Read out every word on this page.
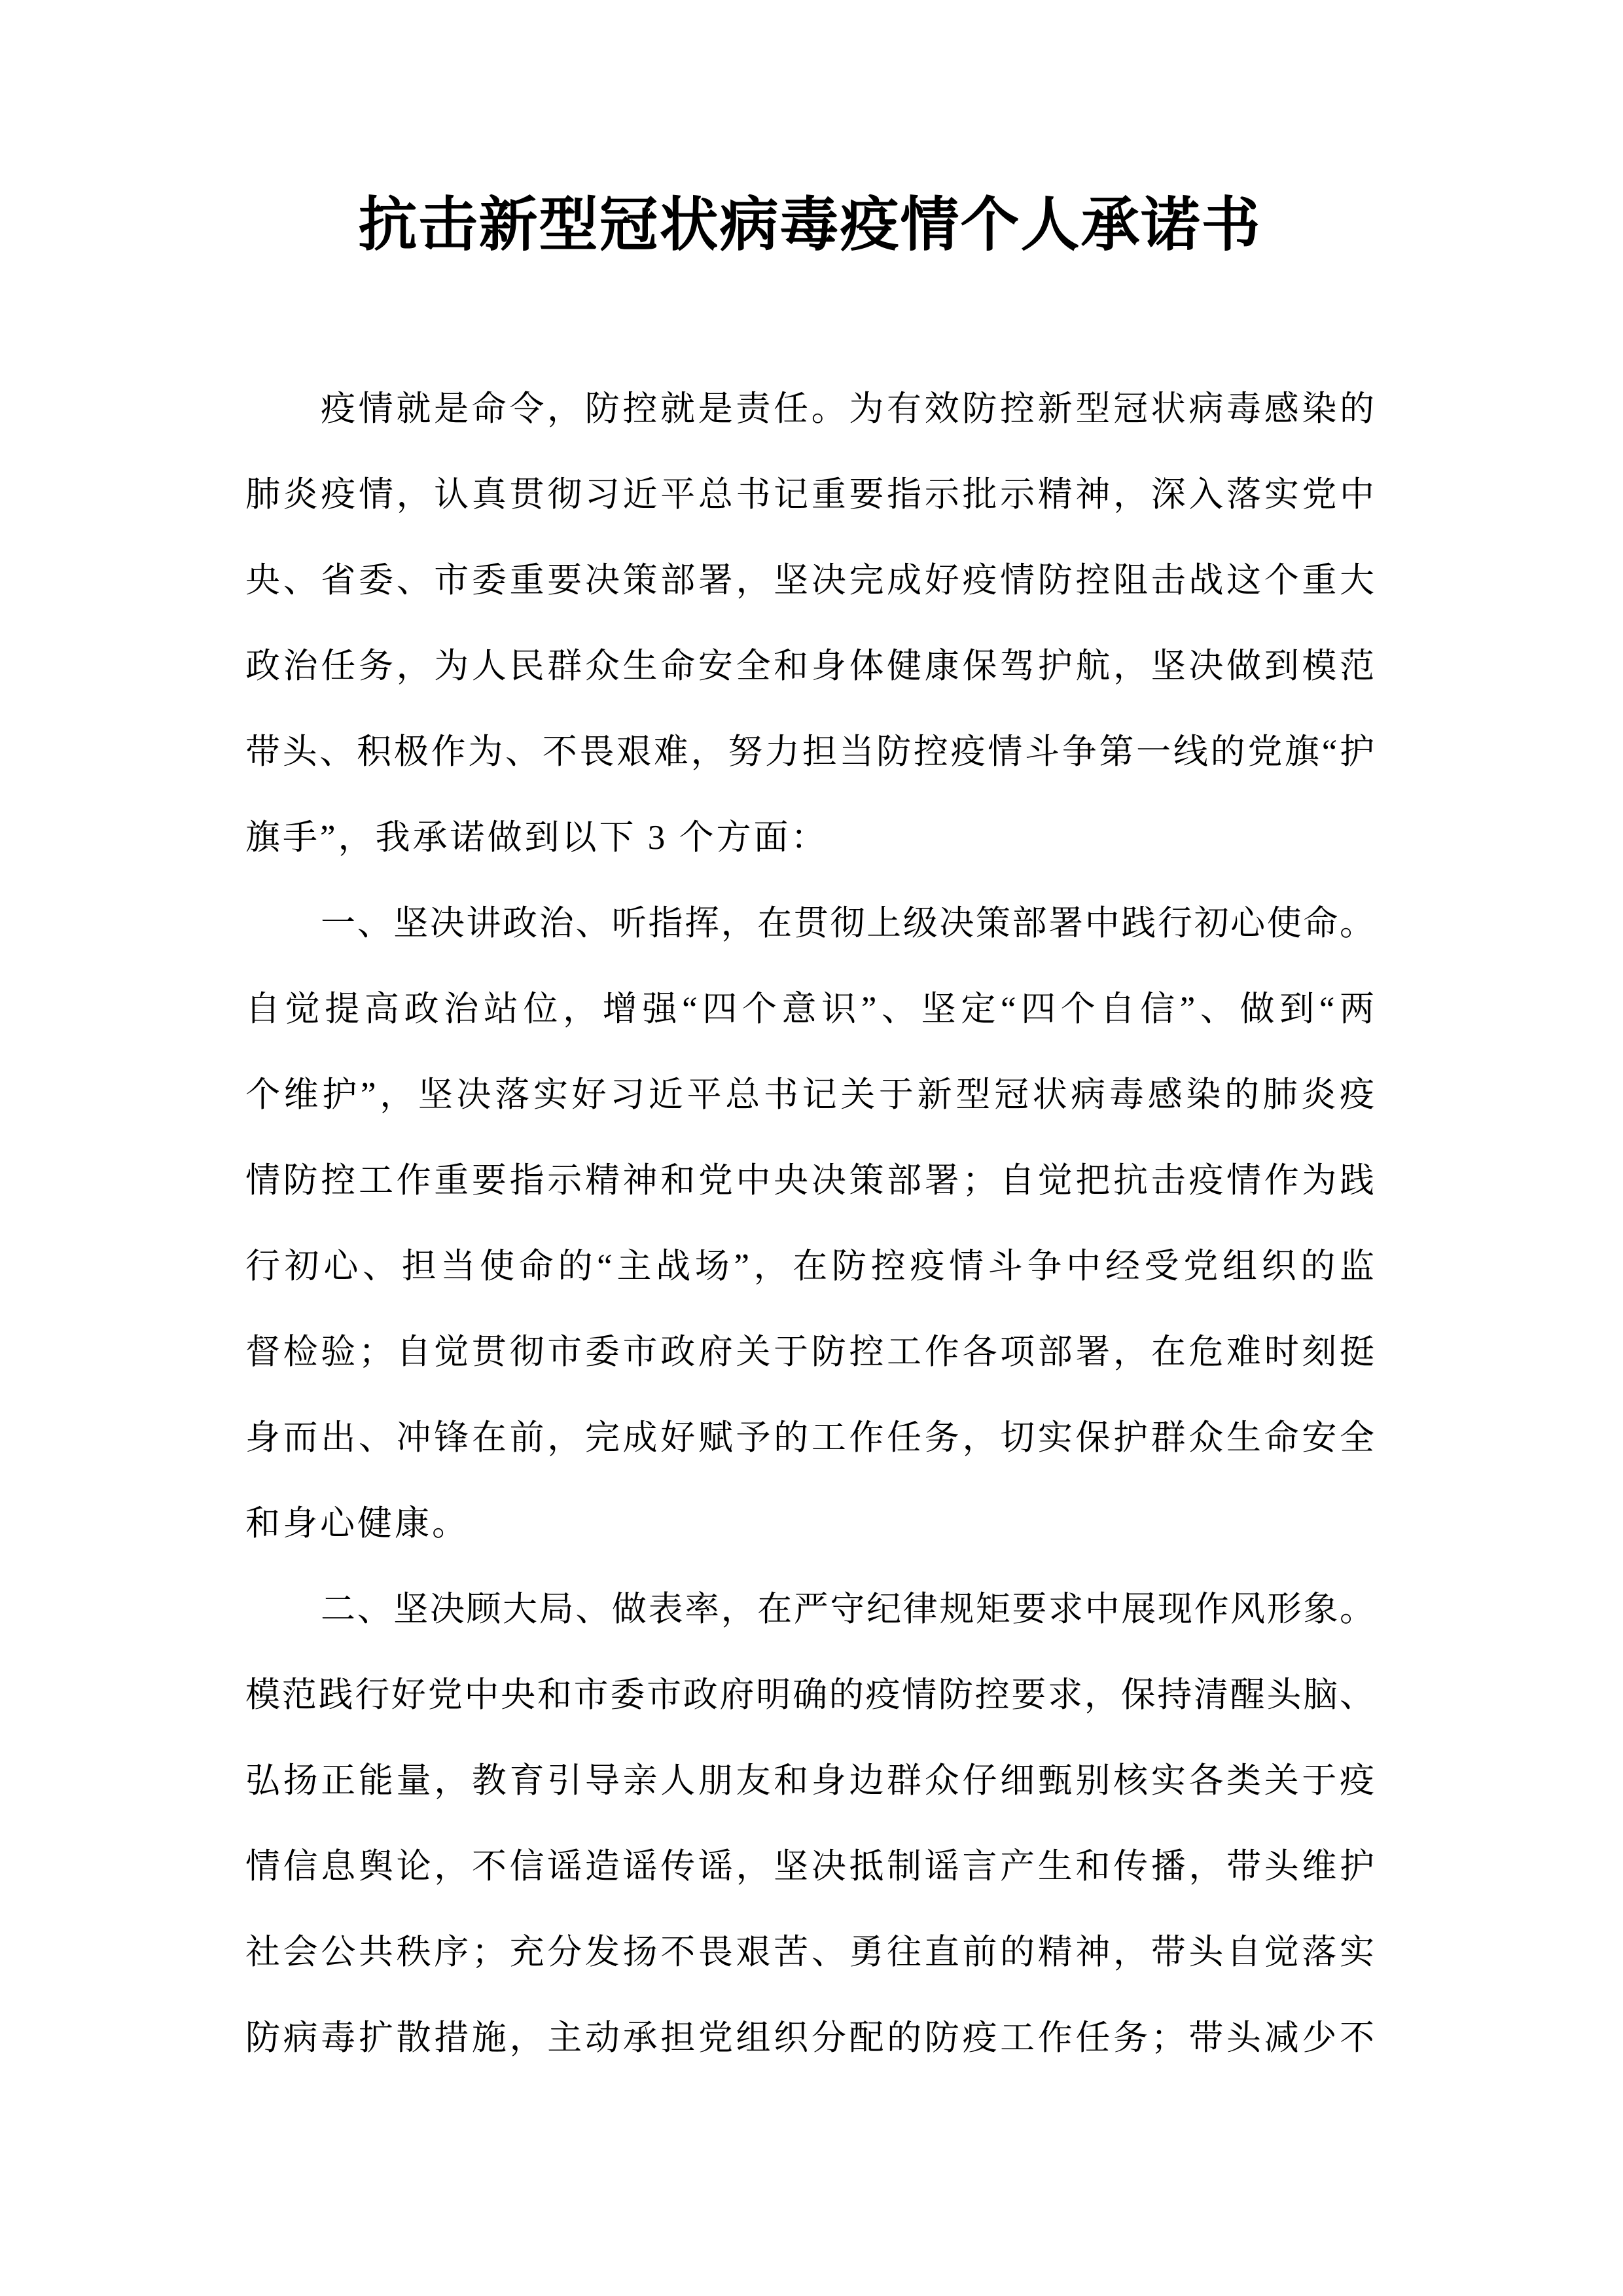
抗击新型冠状病毒疫情个人承诺书
疫情就是命令，防控就是责任。为有效防控新型冠状病毒感染的
肺炎疫情，认真贯彻习近平总书记重要指示批示精神，深入落实党中
央、省委、市委重要决策部署，坚决完成好疫情防控阻击战这个重大
政治任务，为人民群众生命安全和身体健康保驾护航，坚决做到模范
带头、积极作为、不畏艰难，努力担当防控疫情斗争第一线的党旗“护
旗手”，我承诺做到以下 3 个方面：
一、坚决讲政治、听指挥，在贯彻上级决策部署中践行初心使命。
自觉提高政治站位，增强“四个意识”、坚定“四个自信”、做到“两
个维护”，坚决落实好习近平总书记关于新型冠状病毒感染的肺炎疫
情防控工作重要指示精神和党中央决策部署；自觉把抗击疫情作为践
行初心、担当使命的“主战场”，在防控疫情斗争中经受党组织的监
督检验；自觉贯彻市委市政府关于防控工作各项部署，在危难时刻挺
身而出、冲锋在前，完成好赋予的工作任务，切实保护群众生命安全
和身心健康。
二、坚决顾大局、做表率，在严守纪律规矩要求中展现作风形象。
模范践行好党中央和市委市政府明确的疫情防控要求，保持清醒头脑、
弘扬正能量，教育引导亲人朋友和身边群众仔细甄别核实各类关于疫
情信息舆论，不信谣造谣传谣，坚决抵制谣言产生和传播，带头维护
社会公共秩序；充分发扬不畏艰苦、勇往直前的精神，带头自觉落实
防病毒扩散措施，主动承担党组织分配的防疫工作任务；带头减少不
